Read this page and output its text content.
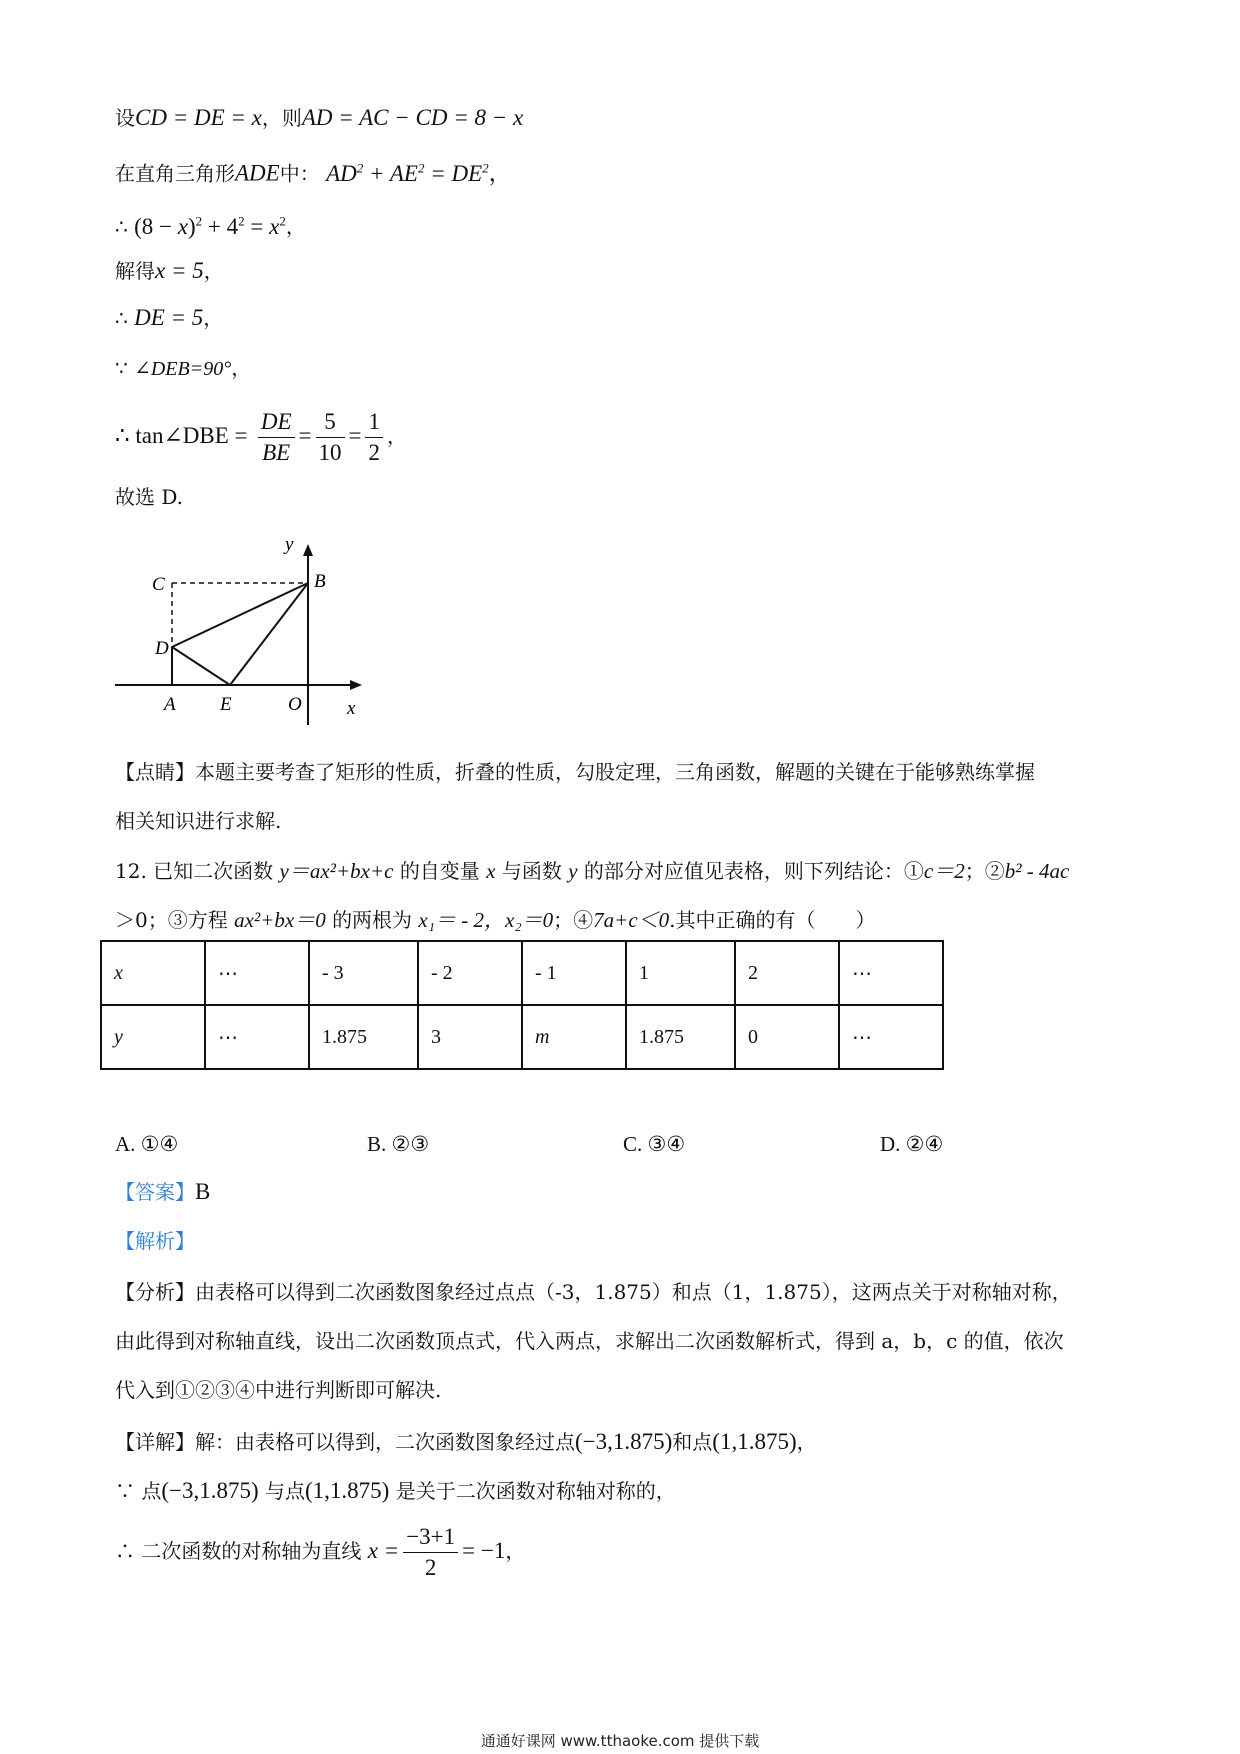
设CD = DE = x，则AD = AC − CD = 8 − x
在直角三角形ADE中： $AD^2 + AE^2 = DE^2$，
∴ $(8 - x)^2 + 4^2 = x^2$，
解得x = 5，
∴ DE = 5，
∵ ∠DEB=90°，
∴ tan∠DBE = $\frac{DE}{BE} = \frac{5}{10} = \frac{1}{2}$ ，
故选 D.
y
C	B
D
A E	O x
【点睛】本题主要考查了矩形的性质，折叠的性质，勾股定理，三角函数，解题的关键在于能够熟练掌握
相关知识进行求解.
12. 已知二次函数 y＝ax²+bx+c 的自变量 x 与函数 y 的部分对应值见表格，则下列结论：①c＝2；②b² ‐ 4ac
＞0；③方程 ax²+bx＝0 的两根为 x₁＝ ‐ 2，x₂＝0；④7a+c＜0.其中正确的有（　　）
x	⋯	‐ 3	‐ 2	‐ 1	1	2	⋯
y	⋯	1.875	3	m	1.875	0	⋯
A. ①④	B. ②③	C. ③④	D. ②④
【答案】B
【解析】
【分析】由表格可以得到二次函数图象经过点点（-3，1.875）和点（1，1.875），这两点关于对称轴对称，
由此得到对称轴直线，设出二次函数顶点式，代入两点，求解出二次函数解析式，得到 a，b，c 的值，依次
代入到①②③④中进行判断即可解决.
【详解】解：由表格可以得到，二次函数图象经过点(−3,1.875)和点(1,1.875)，
∵ 点(−3,1.875) 与点(1,1.875) 是关于二次函数对称轴对称的，
∴ 二次函数的对称轴为直线 $x = \frac{-3+1}{2} = -1$，
通通好课网 www.tthaoke.com 提供下载
